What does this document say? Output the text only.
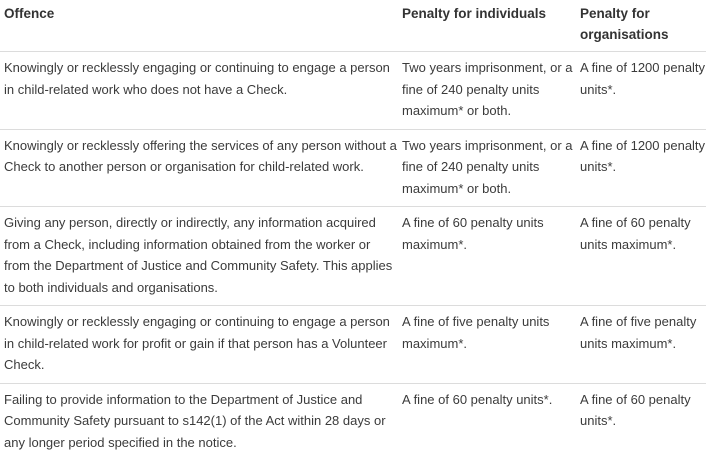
Offence	Penalty for individuals	Penalty for
organisations
Knowingly or recklessly engaging or continuing to engage a person in child-related work who does not have a Check.	Two years imprisonment, or a fine of 240 penalty units maximum* or both.	A fine of 1200 penalty units*.
Knowingly or recklessly offering the services of any person without a Check to another person or organisation for child-related work.	Two years imprisonment, or a fine of 240 penalty units maximum* or both.	A fine of 1200 penalty units*.
Giving any person, directly or indirectly, any information acquired from a Check, including information obtained from the worker or from the Department of Justice and Community Safety. This applies to both individuals and organisations.	A fine of 60 penalty units maximum*.	A fine of 60 penalty units maximum*.
Knowingly or recklessly engaging or continuing to engage a person in child-related work for profit or gain if that person has a Volunteer Check.	A fine of five penalty units maximum*.	A fine of five penalty units maximum*.
Failing to provide information to the Department of Justice and Community Safety pursuant to s142(1) of the Act within 28 days or any longer period specified in the notice.	A fine of 60 penalty units*.	A fine of 60 penalty units*.
